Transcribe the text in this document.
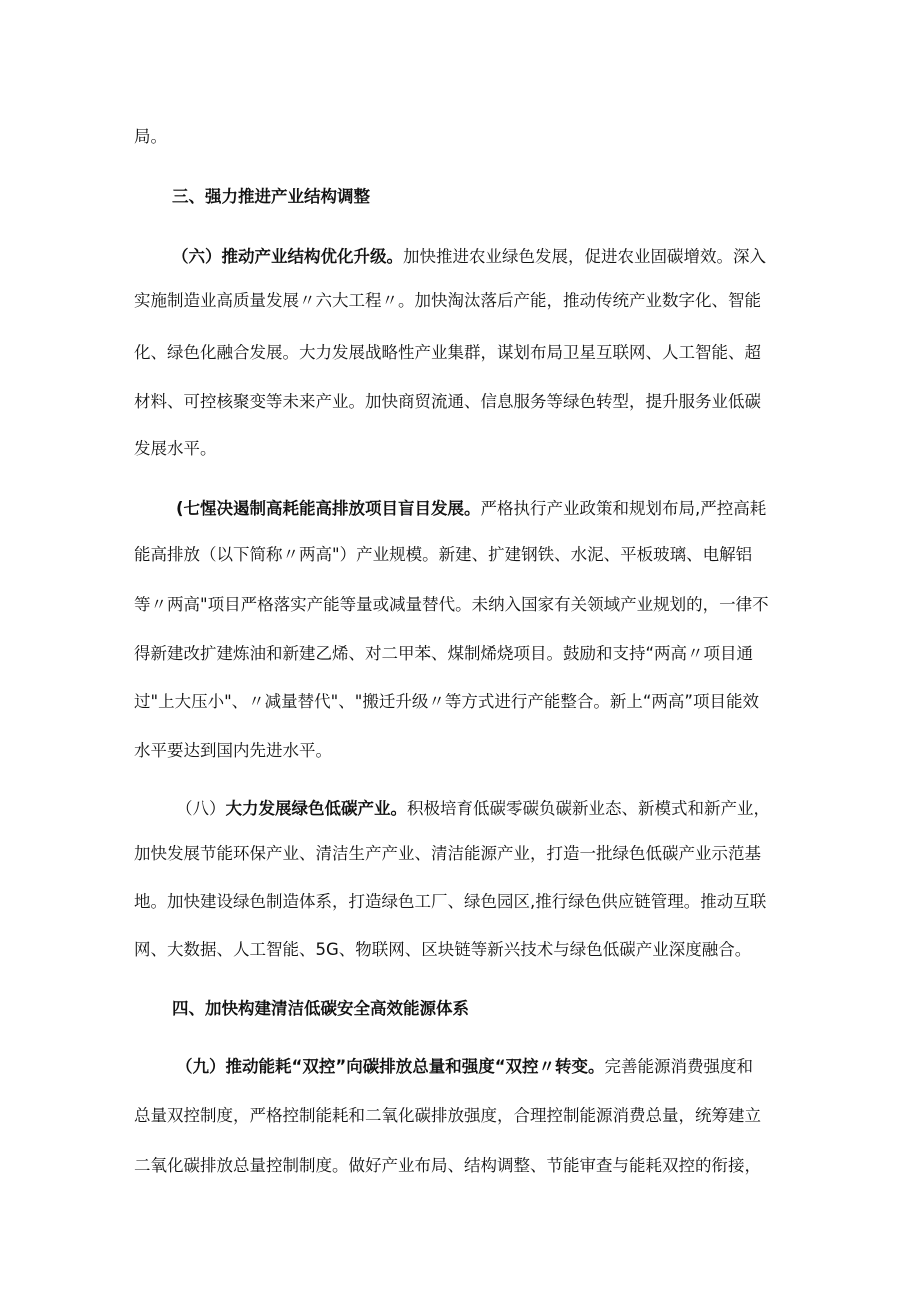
局。
三、强力推进产业结构调整
（六）推动产业结构优化升级。加快推进农业绿色发展，促进农业固碳增效。深入
实施制造业高质量发展〃六大工程〃。加快淘汰落后产能，推动传统产业数字化、智能
化、绿色化融合发展。大力发展战略性产业集群，谋划布局卫星互联网、人工智能、超
材料、可控核聚变等未来产业。加快商贸流通、信息服务等绿色转型，提升服务业低碳
发展水平。
(七惺决遏制高耗能高排放项目盲目发展。严格执行产业政策和规划布局,严控高耗
能高排放（以下简称〃两高"）产业规模。新建、扩建钢铁、水泥、平板玻璃、电解铝
等〃两高"项目严格落实产能等量或减量替代。未纳入国家有关领域产业规划的，一律不
得新建改扩建炼油和新建乙烯、对二甲苯、煤制烯烧项目。鼓励和支持“两高〃项目通
过"上大压小"、〃减量替代"、"搬迁升级〃等方式进行产能整合。新上“两高”项目能效
水平要达到国内先进水平。
（八）大力发展绿色低碳产业。积极培育低碳零碳负碳新业态、新模式和新产业，
加快发展节能环保产业、清洁生产产业、清洁能源产业，打造一批绿色低碳产业示范基
地。加快建设绿色制造体系，打造绿色工厂、绿色园区,推行绿色供应链管理。推动互联
网、大数据、人工智能、5G、物联网、区块链等新兴技术与绿色低碳产业深度融合。
四、加快构建清洁低碳安全高效能源体系
（九）推动能耗“双控”向碳排放总量和强度“双控〃转变。完善能源消费强度和
总量双控制度，严格控制能耗和二氧化碳排放强度，合理控制能源消费总量，统筹建立
二氧化碳排放总量控制制度。做好产业布局、结构调整、节能审查与能耗双控的衔接，
